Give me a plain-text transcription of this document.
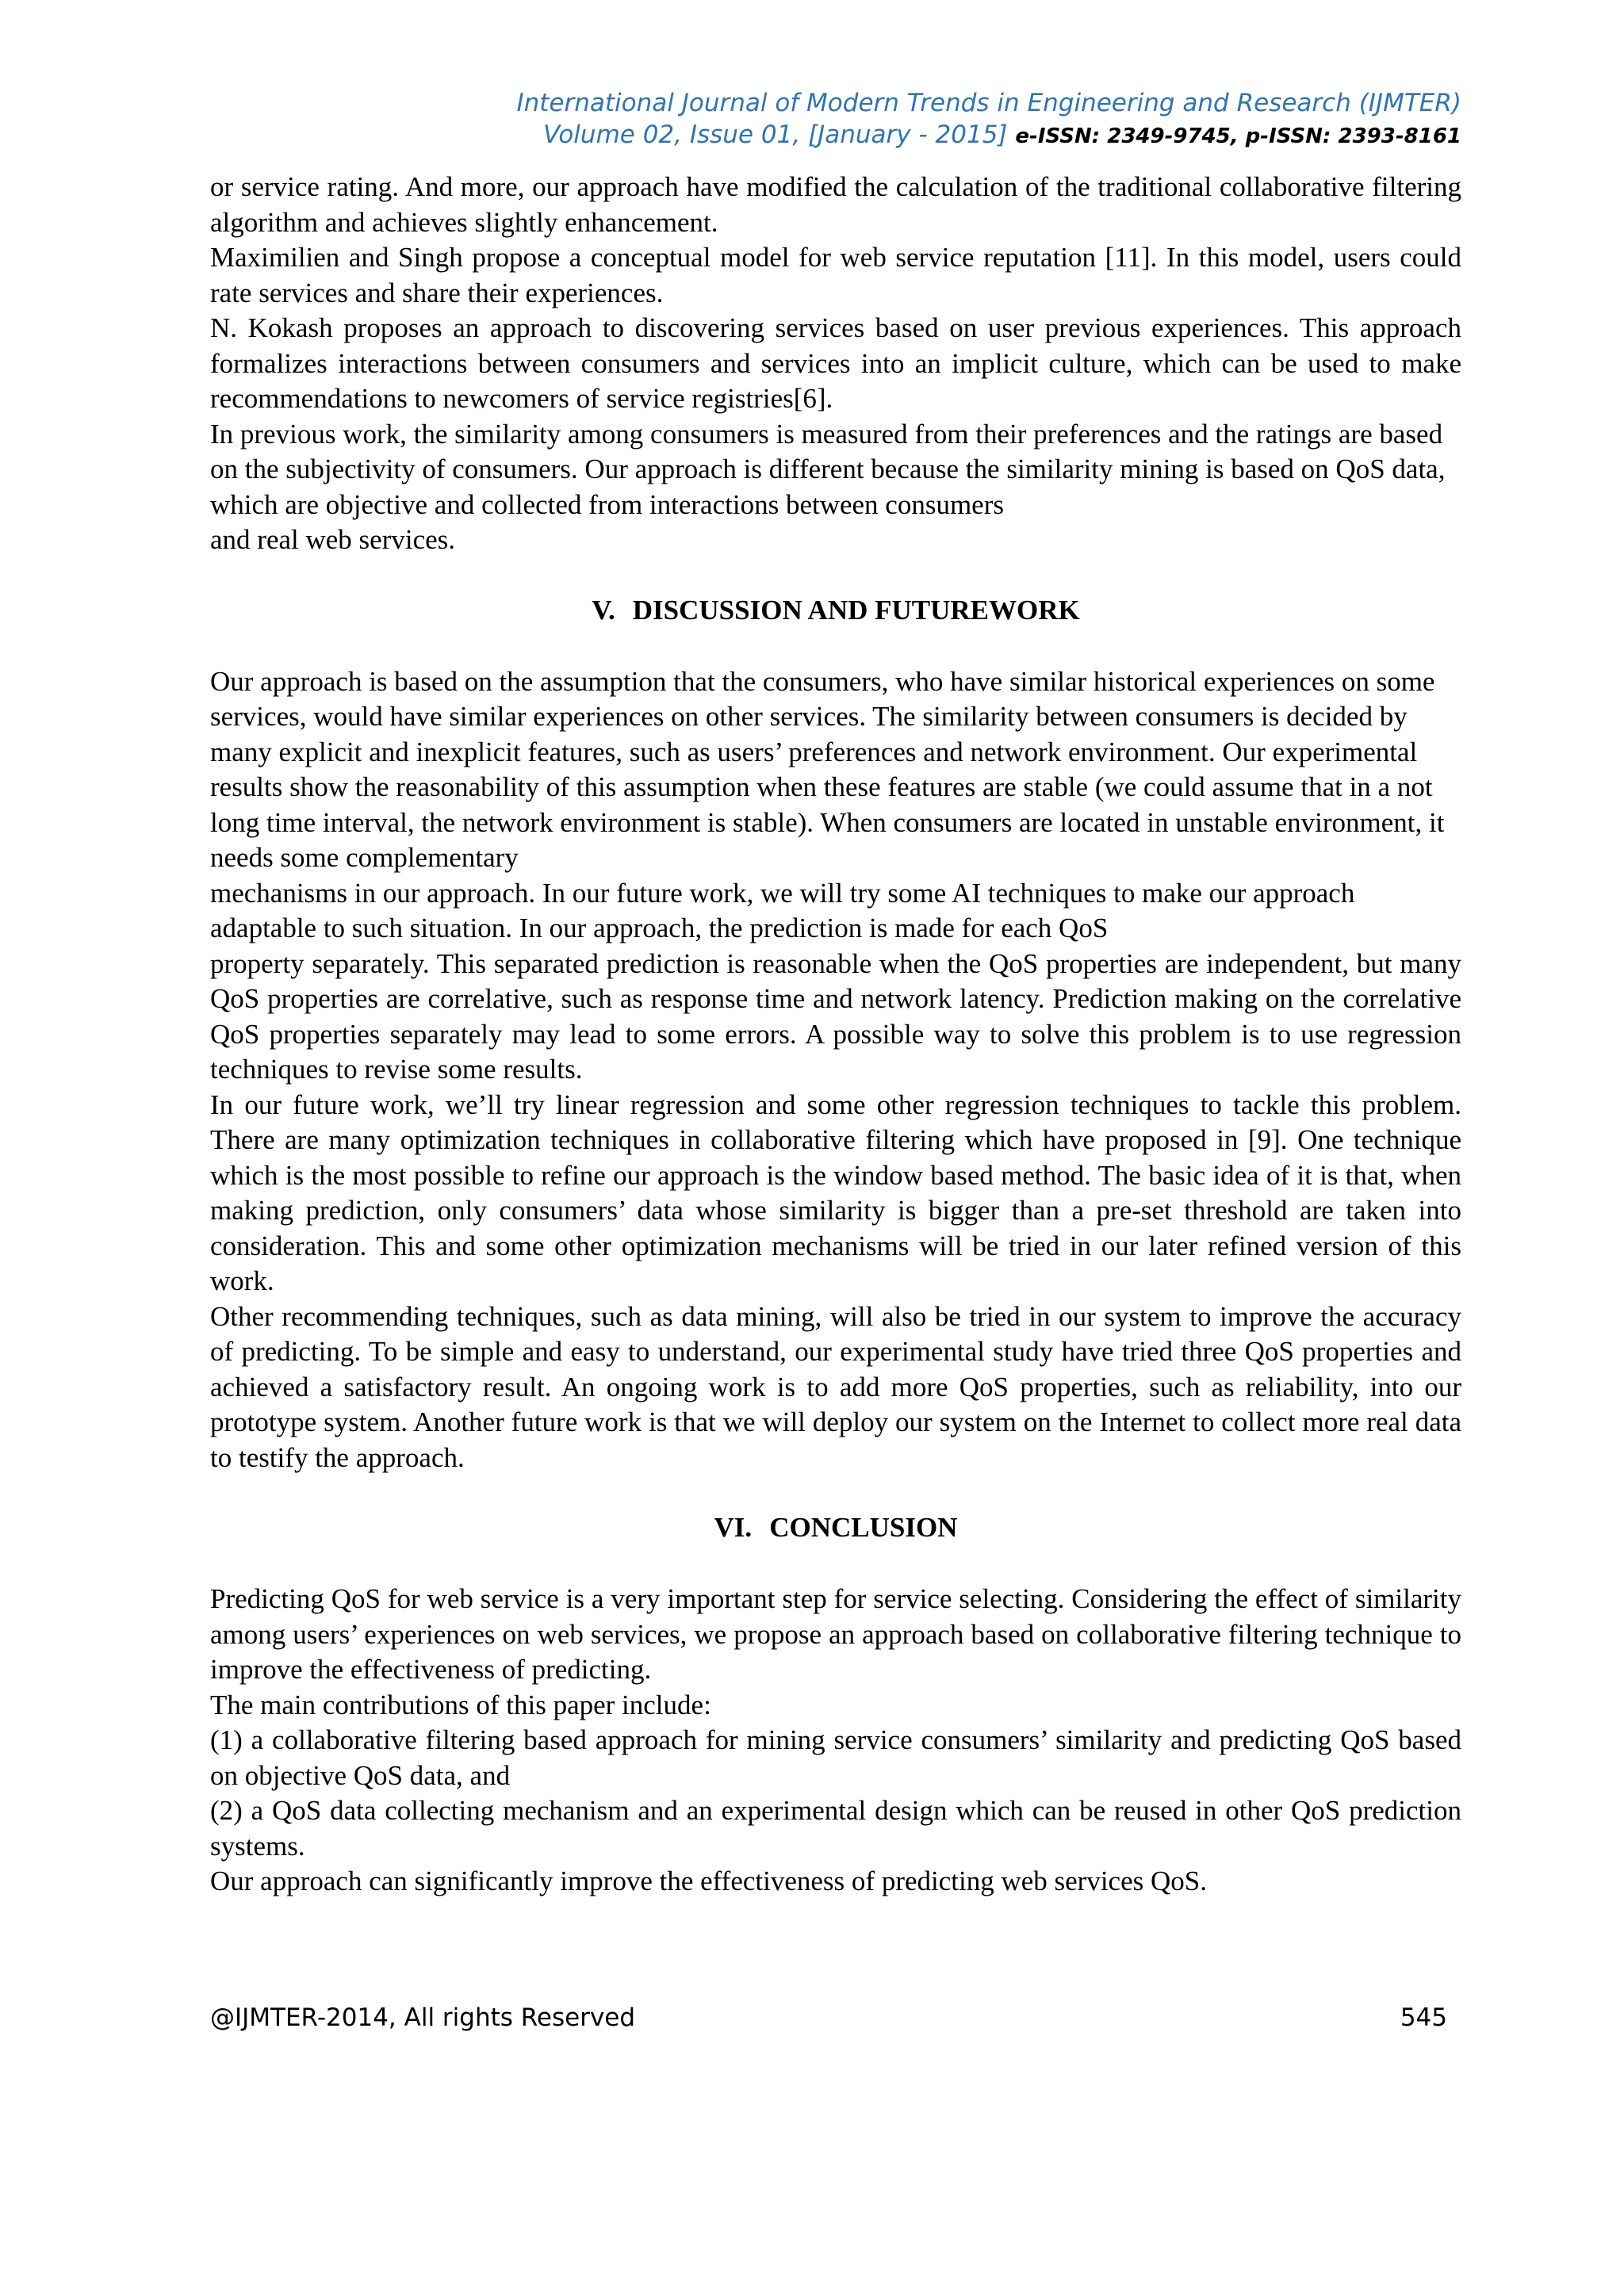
International Journal of Modern Trends in Engineering and Research (IJMTER)
Volume 02, Issue 01, [January - 2015] e-ISSN: 2349-9745, p-ISSN: 2393-8161

or service rating. And more, our approach have modified the calculation of the traditional collaborative filtering algorithm and achieves slightly enhancement.

Maximilien and Singh propose a conceptual model for web service reputation [11]. In this model, users could rate services and share their experiences.

N. Kokash proposes an approach to discovering services based on user previous experiences. This approach formalizes interactions between consumers and services into an implicit culture, which can be used to make recommendations to newcomers of service registries[6].

In previous work, the similarity among consumers is measured from their preferences and the ratings are based on the subjectivity of consumers. Our approach is different because the similarity mining is based on QoS data, which are objective and collected from interactions between consumers

and real web services.

V. DISCUSSION AND FUTUREWORK

Our approach is based on the assumption that the consumers, who have similar historical experiences on some services, would have similar experiences on other services. The similarity between consumers is decided by many explicit and inexplicit features, such as users’ preferences and network environment. Our experimental results show the reasonability of this assumption when these features are stable (we could assume that in a not long time interval, the network environment is stable). When consumers are located in unstable environment, it needs some complementary

mechanisms in our approach. In our future work, we will try some AI techniques to make our approach adaptable to such situation. In our approach, the prediction is made for each QoS

property separately. This separated prediction is reasonable when the QoS properties are independent, but many QoS properties are correlative, such as response time and network latency. Prediction making on the correlative QoS properties separately may lead to some errors. A possible way to solve this problem is to use regression techniques to revise some results.

In our future work, we’ll try linear regression and some other regression techniques to tackle this problem. There are many optimization techniques in collaborative filtering which have proposed in [9]. One technique which is the most possible to refine our approach is the window based method. The basic idea of it is that, when making prediction, only consumers’ data whose similarity is bigger than a pre-set threshold are taken into consideration. This and some other optimization mechanisms will be tried in our later refined version of this work.

Other recommending techniques, such as data mining, will also be tried in our system to improve the accuracy of predicting. To be simple and easy to understand, our experimental study have tried three QoS properties and achieved a satisfactory result. An ongoing work is to add more QoS properties, such as reliability, into our prototype system. Another future work is that we will deploy our system on the Internet to collect more real data to testify the approach.

VI. CONCLUSION

Predicting QoS for web service is a very important step for service selecting. Considering the effect of similarity among users’ experiences on web services, we propose an approach based on collaborative filtering technique to improve the effectiveness of predicting.

The main contributions of this paper include:

(1) a collaborative filtering based approach for mining service consumers’ similarity and predicting QoS based on objective QoS data, and

(2) a QoS data collecting mechanism and an experimental design which can be reused in other QoS prediction systems.

Our approach can significantly improve the effectiveness of predicting web services QoS.

@IJMTER-2014, All rights Reserved	545
